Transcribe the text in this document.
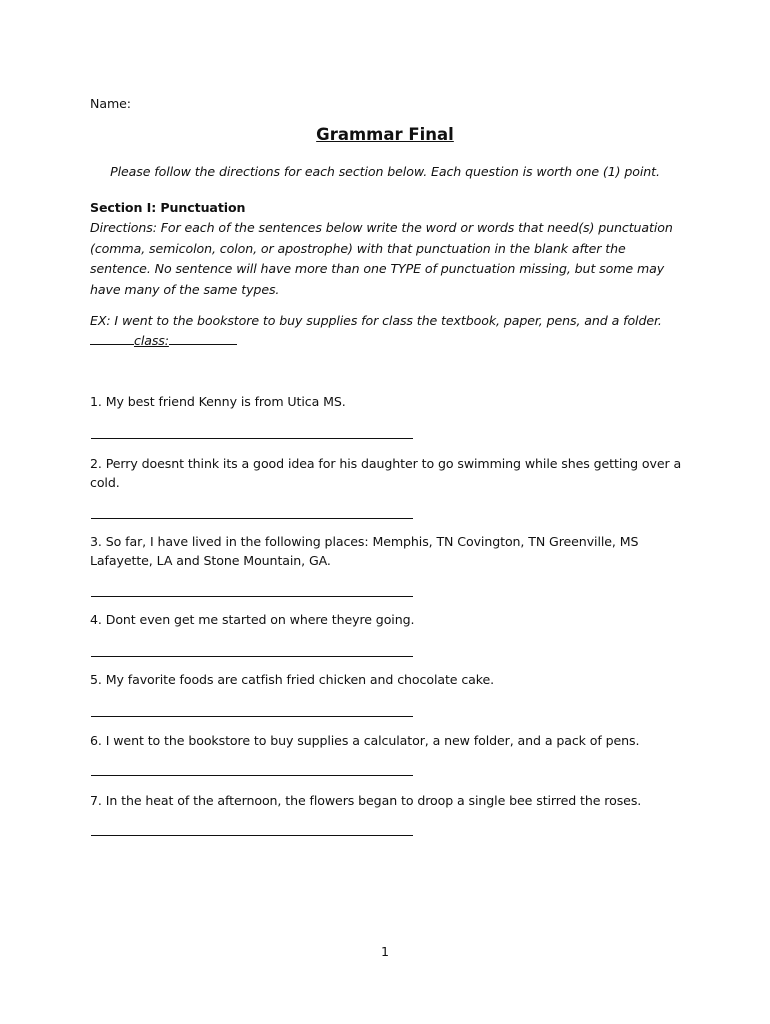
Name:
Grammar Final
Please follow the directions for each section below. Each question is worth one (1) point.
Section I: Punctuation
Directions: For each of the sentences below write the word or words that need(s) punctuation (comma, semicolon, colon, or apostrophe) with that punctuation in the blank after the sentence. No sentence will have more than one TYPE of punctuation missing, but some may have many of the same types.
EX: I went to the bookstore to buy supplies for class the textbook, paper, pens, and a folder.
class:
1. My best friend Kenny is from Utica MS.
2. Perry doesnt think its a good idea for his daughter to go swimming while shes getting over a cold.
3. So far, I have lived in the following places: Memphis, TN Covington, TN Greenville, MS Lafayette, LA and Stone Mountain, GA.
4. Dont even get me started on where theyre going.
5. My favorite foods are catfish fried chicken and chocolate cake.
6. I went to the bookstore to buy supplies a calculator, a new folder, and a pack of pens.
7. In the heat of the afternoon, the flowers began to droop a single bee stirred the roses.
1
